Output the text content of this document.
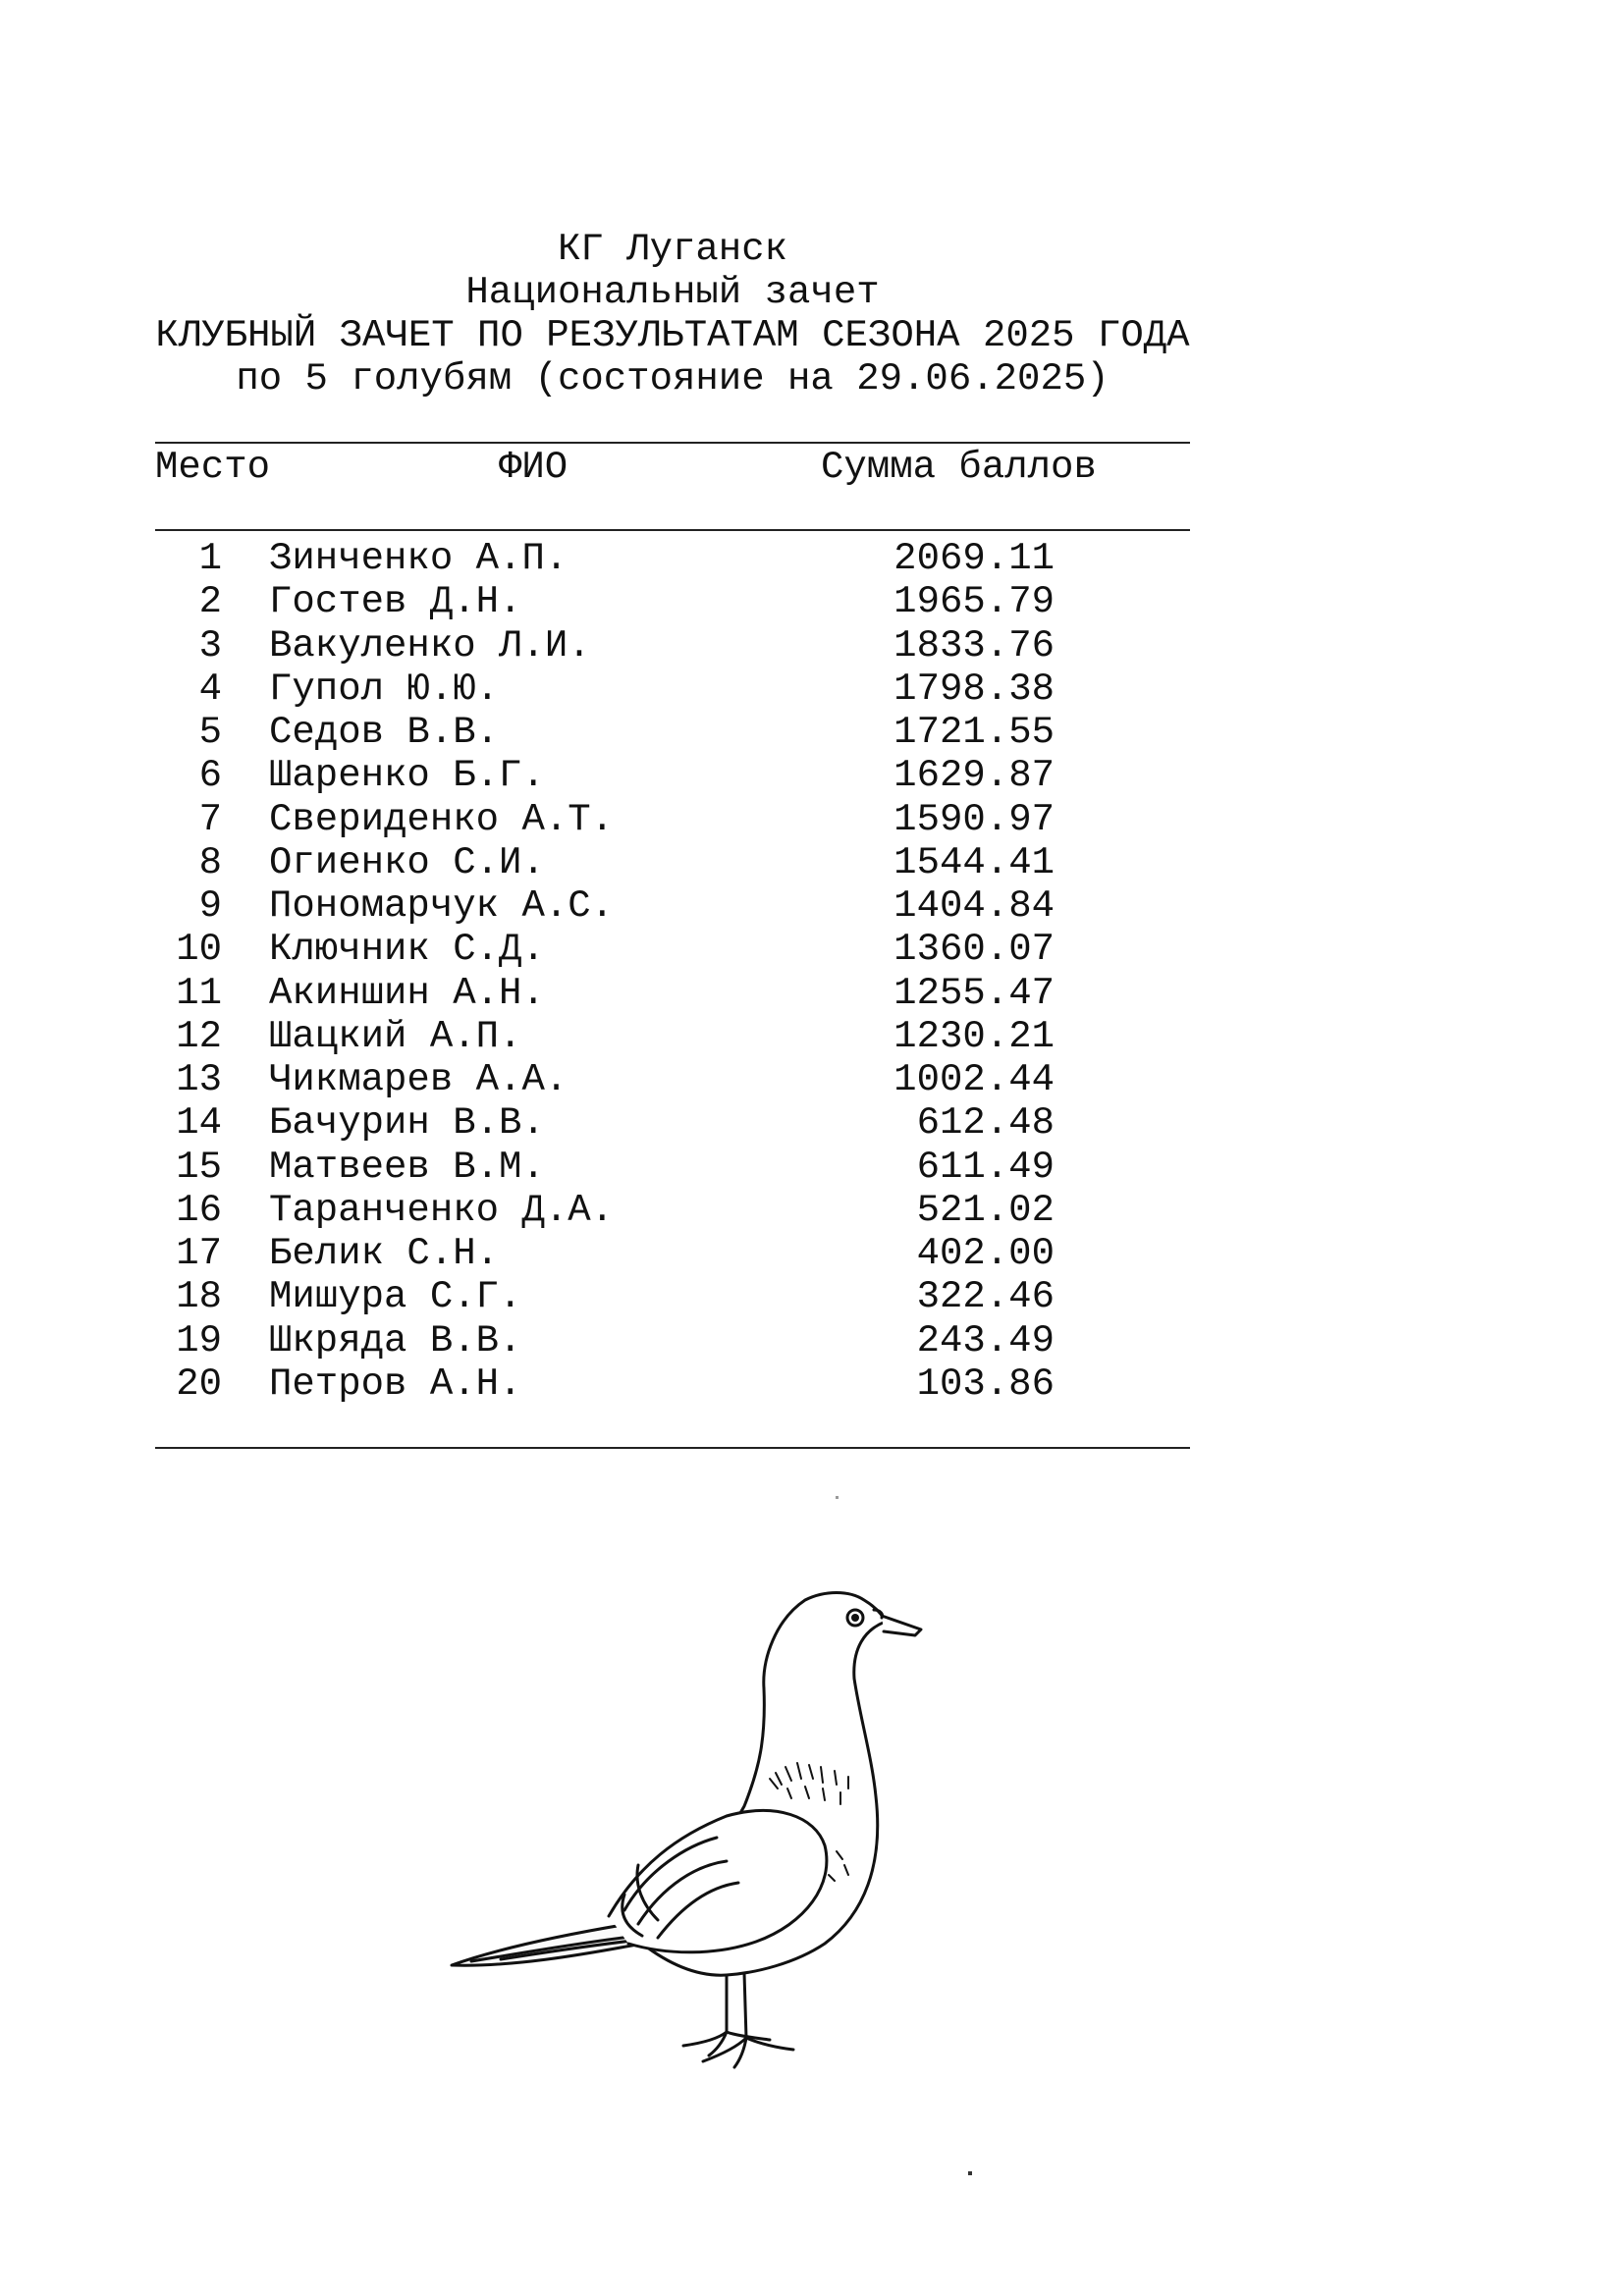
КГ Луганск
Национальный зачет
КЛУБНЫЙ ЗАЧЕТ ПО РЕЗУЛЬТАТАМ СЕЗОНА 2025 ГОДА
по 5 голубям (состояние на 29.06.2025)
Место	ФИО	Сумма баллов
1 Зинченко А.П.	2069.11
2 Гостев Д.Н.	1965.79
3 Вакуленко Л.И.	1833.76
4 Гупол Ю.Ю.	1798.38
5 Седов В.В.	1721.55
6 Шаренко Б.Г.	1629.87
7 Свериденко А.Т.	1590.97
8 Огиенко С.И.	1544.41
9 Пономарчук А.С.	1404.84
10 Ключник С.Д.	1360.07
11 Акиншин А.Н.	1255.47
12 Шацкий А.П.	1230.21
13 Чикмарев А.А.	1002.44
14 Бачурин В.В.	612.48
15 Матвеев В.М.	611.49
16 Таранченко Д.А.	521.02
17 Белик С.Н.	402.00
18 Мишура С.Г.	322.46
19 Шкряда В.В.	243.49
20 Петров А.Н.	103.86
